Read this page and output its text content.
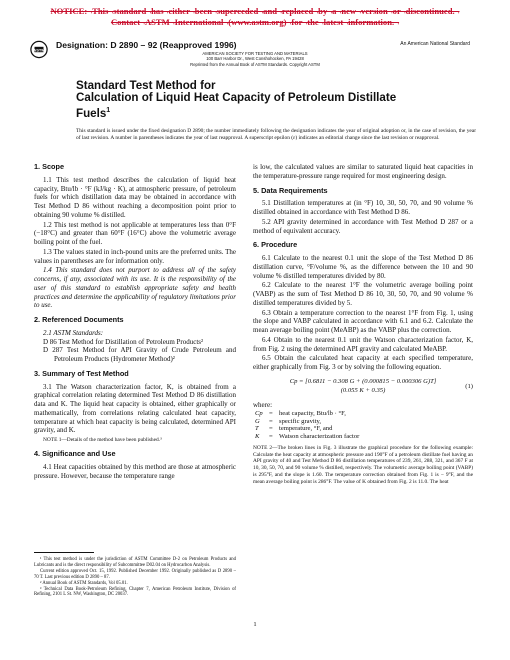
NOTICE:¬This¬standard¬has¬either¬been¬superceded¬and¬replaced¬by¬a¬new¬version¬or¬discontinued.¬
Contact¬ASTM¬International¬(www.astm.org)¬for¬the¬latest¬information.¬
ASTM Designation: D 2890 – 92 (Reapproved 1996)	An American National Standard
AMERICAN SOCIETY FOR TESTING AND MATERIALS
100 Barr Harbor Dr., West Conshohocken, PA 19428
Reprinted from the Annual Book of ASTM Standards. Copyright ASTM
Standard Test Method for
Calculation of Liquid Heat Capacity of Petroleum Distillate
Fuels$^1$
This standard is issued under the fixed designation D 2890; the number immediately following the designation indicates the year of original adoption or, in the case of revision, the year of last revision. A number in parentheses indicates the year of last reapproval. A superscript epsilon (ε) indicates an editorial change since the last revision or reapproval.
1. Scope

1.1 This test method describes the calculation of liquid heat capacity, Btu/lb · °F (kJ/kg · K), at atmospheric pressure, of petroleum fuels for which distillation data may be obtained in accordance with Test Method D 86 without reaching a decomposition point prior to obtaining 90 volume % distilled.

1.2 This test method is not applicable at temperatures less than 0°F (−18°C) and greater than 60°F (16°C) above the volumetric average boiling point of the fuel.

1.3 The values stated in inch-pound units are the preferred units. The values in parentheses are for information only.

1.4 This standard does not purport to address all of the safety concerns, if any, associated with its use. It is the responsibility of the user of this standard to establish appropriate safety and health practices and determine the applicability of regulatory limitations prior to use.

2. Referenced Documents
2.1 ASTM Standards:
D 86 Test Method for Distillation of Petroleum Products²
D 287 Test Method for API Gravity of Crude Petroleum and Petroleum Products (Hydrometer Method)²
3. Summary of Test Method

3.1 The Watson characterization factor, K, is obtained from a graphical correlation relating determined Test Method D 86 distillation data and K. The liquid heat capacity is obtained, either graphically or mathematically, from correlations relating calculated heat capacity, temperature at which heat capacity is being calculated, determined API gravity, and K.

NOTE 1—Details of the method have been published.³
4. Significance and Use

4.1 Heat capacities obtained by this method are those at atmospheric pressure. However, because the temperature range

¹ This test method is under the jurisdiction of ASTM Committee D-2 on Petroleum Products and Lubricants and is the direct responsibility of Subcommittee D02.04 on Hydrocarbon Analysis.
Current edition approved Oct. 15, 1992. Published December 1992. Originally published as D 2890 – 70 T. Last previous edition D 2890 – 87.
² Annual Book of ASTM Standards, Vol 05.01.
³ Technical Data Book-Petroleum Refining, Chapter 7, American Petroleum Institute, Division of Refining, 2101 L St. NW, Washington, DC 20037.

is low, the calculated values are similar to saturated liquid heat capacities in the temperature-pressure range required for most engineering design.

5. Data Requirements

5.1 Distillation temperatures at (in °F) 10, 30, 50, 70, and 90 volume % distilled obtained in accordance with Test Method D 86.

5.2 API gravity determined in accordance with Test Method D 287 or a method of equivalent accuracy.

6. Procedure

6.1 Calculate to the nearest 0.1 unit the slope of the Test Method D 86 distillation curve, °F/volume %, as the difference between the 10 and 90 volume % distilled temperatures divided by 80.

6.2 Calculate to the nearest 1°F the volumetric average boiling point (VABP) as the sum of Test Method D 86 10, 30, 50, 70, and 90 volume % distilled temperatures divided by 5.

6.3 Obtain a temperature correction to the nearest 1°F from Fig. 1, using the slope and VABP calculated in accordance with 6.1 and 6.2. Calculate the mean average boiling point (MeABP) as the VABP plus the correction.

6.4 Obtain to the nearest 0.1 unit the Watson characterization factor, K, from Fig. 2 using the determined API gravity and calculated MeABP.

6.5 Obtain the calculated heat capacity at each specified temperature, either graphically from Fig. 3 or by solving the following equation.

Cp = [0.6811 − 0.308 G + (0.000815 − 0.000306 G)T]
(0.055 K + 0.35)
(1)
where:
Cp = heat capacity, Btu/lb · °F,
G	= specific gravity,
T	= temperature, °F, and
K	= Watson characterization factor
NOTE 2—The broken lines in Fig. 3 illustrate the graphical procedure for the following example: Calculate the heat capacity at atmospheric pressure and 190°F of a petroleum distillate fuel having an API gravity of 40 and Test Method D 86 distillation temperatures of 239, 261, 288, 321, and 367 F at 10, 30, 50, 70, and 90 volume % distilled, respectively. The volumetric average boiling point (VABP) is 295°F, and the slope is 1.60. The temperature correction obtained from Fig. 1 is − 9°F, and the mean average boiling point is 286°F. The value of K obtained from Fig. 2 is 11.0. The heat
1
